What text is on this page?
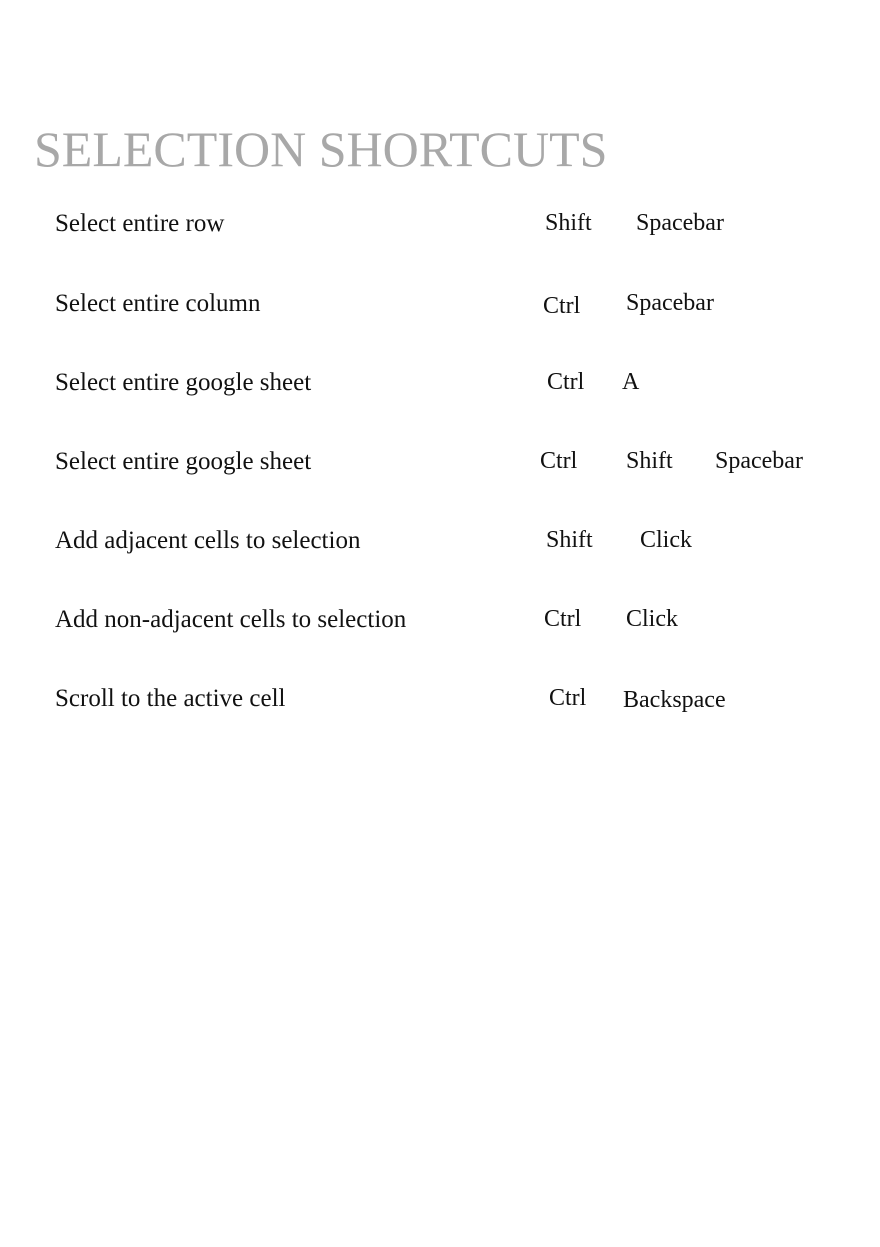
SELECTION SHORTCUTS
Select entire row	Shift Spacebar
Select entire column	Ctrl Spacebar
Select entire google sheet	Ctrl A
Select entire google sheet	Ctrl Shift Spacebar
Add adjacent cells to selection	Shift Click
Add non-adjacent cells to selection	Ctrl Click
Scroll to the active cell	Ctrl Backspace
